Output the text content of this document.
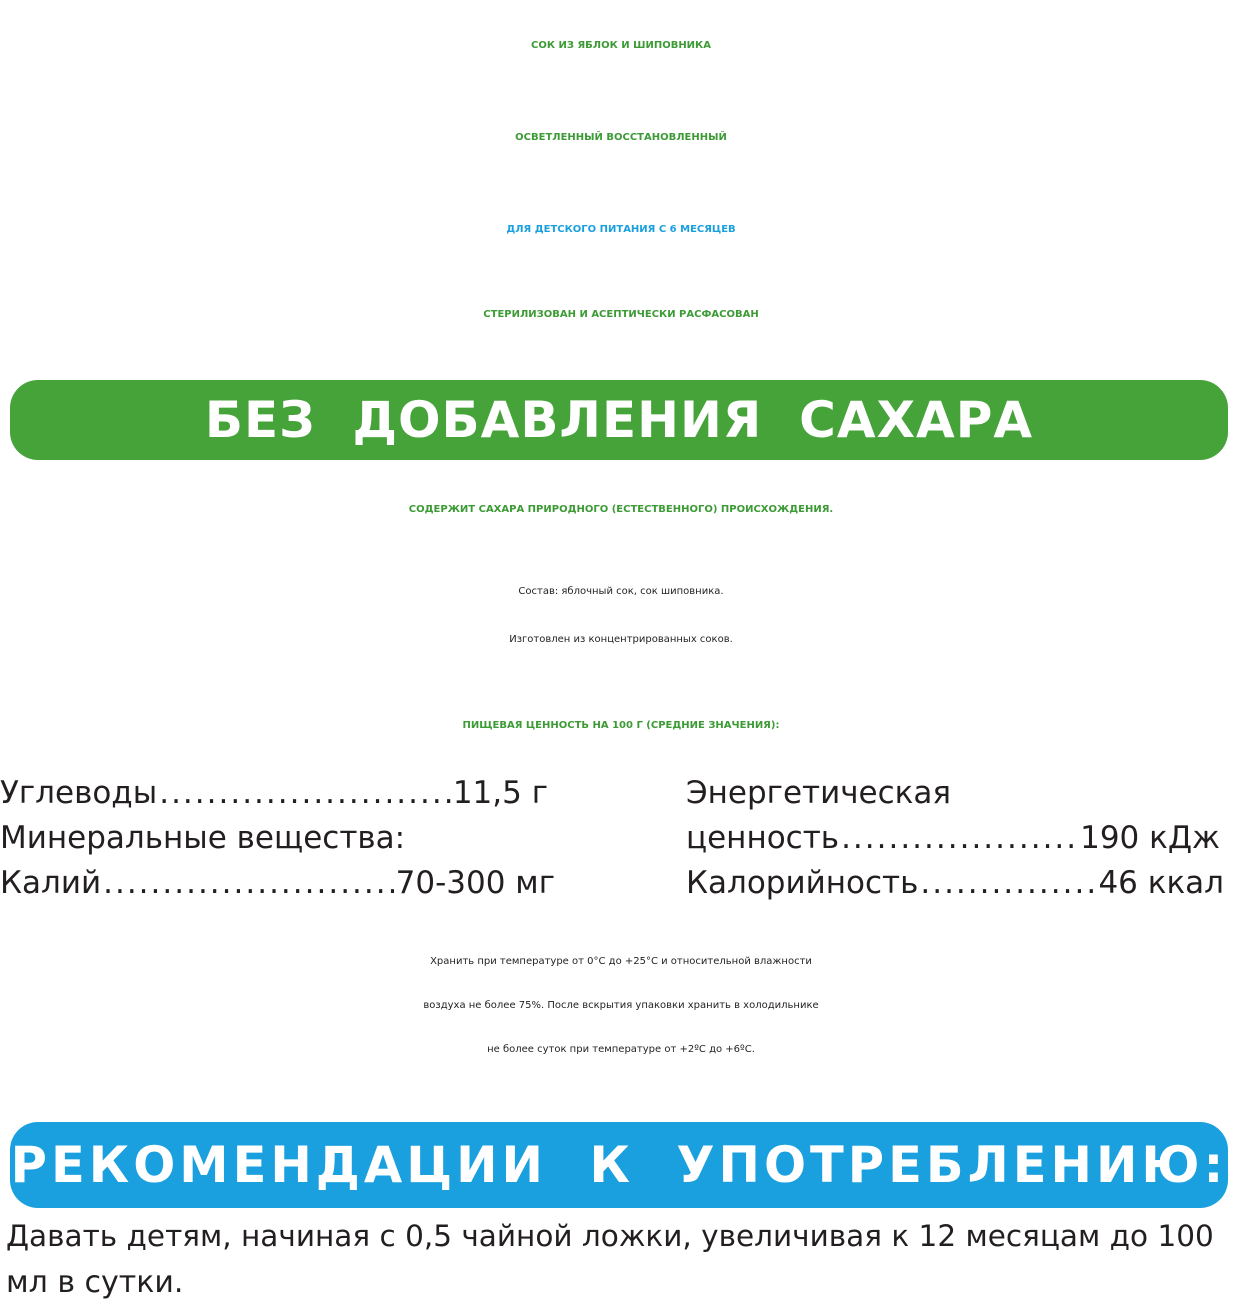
СОК ИЗ ЯБЛОК И ШИПОВНИКА
ОСВЕТЛЕННЫЙ ВОССТАНОВЛЕННЫЙ
ДЛЯ ДЕТСКОГО ПИТАНИЯ С 6 МЕСЯЦЕВ
СТЕРИЛИЗОВАН И АСЕПТИЧЕСКИ РАСФАСОВАН
БЕЗ  ДОБАВЛЕНИЯ  САХАРА
СОДЕРЖИТ САХАРА ПРИРОДНОГО (ЕСТЕСТВЕННОГО) ПРОИСХОЖДЕНИЯ.
Состав: яблочный сок, сок шиповника.
Изготовлен из концентрированных соков.
ПИЩЕВАЯ ЦЕННОСТЬ НА 100 Г (СРЕДНИЕ ЗНАЧЕНИЯ):
Углеводы .....	11,5 г
Минеральные вещества:
Калий .....	70-300 мг
Энергетическая
ценность .....	190 кДж
Калорийность .....	46 ккал
Хранить при температуре от 0°С до +25°С и относительной влажности
воздуха не более 75%. После вскрытия упаковки хранить в холодильнике
не более суток при температуре от +2ºС до +6ºС.
РЕКОМЕНДАЦИИ  К  УПОТРЕБЛЕНИЮ:
Давать детям, начиная с 0,5 чайной ложки, увеличивая к 12 месяцам до 100
мл в сутки.
